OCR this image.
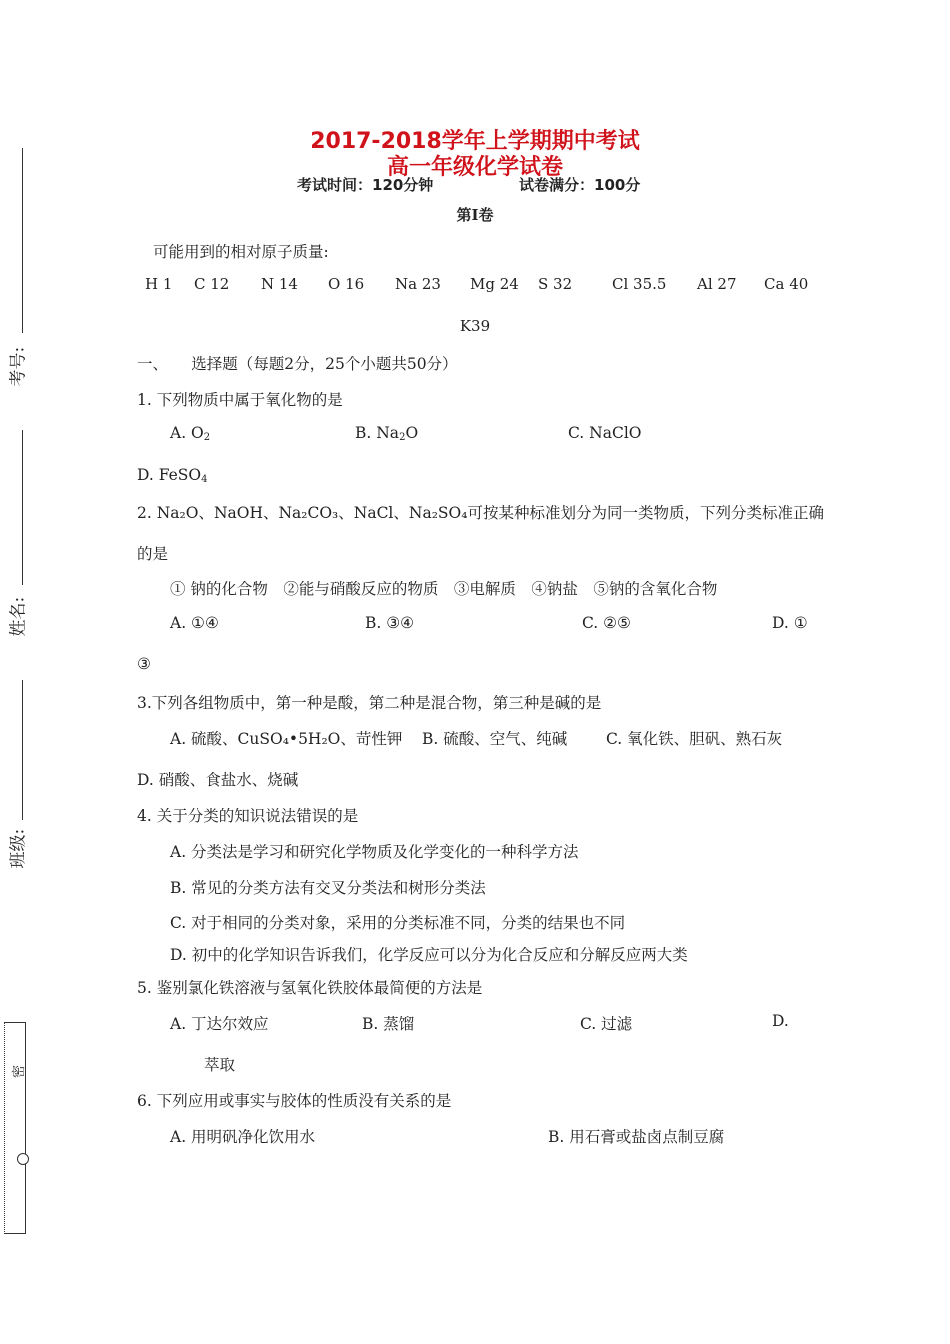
考号:
姓名:
班级:
密
2017-2018学年上学期期中考试
高一年级化学试卷
考试时间：120分钟	试卷满分：100分
第Ⅰ卷
可能用到的相对原子质量:
H 1 C 12 N 14 O 16 Na 23 Mg 24 S 32	Cl 35.5 Al 27 Ca 40
K39
一、　　选择题（每题2分，25个小题共50分）
1. 下列物质中属于氧化物的是
A. O2	B. Na2O	C. NaClO
D. FeSO4
2. Na₂O、NaOH、Na₂CO₃、NaCl、Na₂SO₄可按某种标准划分为同一类物质，下列分类标准正确
的是
① 钠的化合物　②能与硝酸反应的物质　③电解质　④钠盐　⑤钠的含氧化合物
A. ①④	B. ③④	C. ②⑤	D. ①
③
3.下列各组物质中，第一种是酸，第二种是混合物，第三种是碱的是
A. 硫酸、CuSO₄•5H₂O、苛性钾 B. 硫酸、空气、纯碱	C. 氧化铁、胆矾、熟石灰
D. 硝酸、食盐水、烧碱
4. 关于分类的知识说法错误的是
A. 分类法是学习和研究化学物质及化学变化的一种科学方法
B. 常见的分类方法有交叉分类法和树形分类法
C. 对于相同的分类对象，采用的分类标准不同，分类的结果也不同
D. 初中的化学知识告诉我们，化学反应可以分为化合反应和分解反应两大类
5. 鉴别氯化铁溶液与氢氧化铁胶体最简便的方法是
A. 丁达尔效应	B. 蒸馏	C. 过滤	D.
萃取
6. 下列应用或事实与胶体的性质没有关系的是
A. 用明矾净化饮用水	B. 用石膏或盐卤点制豆腐
